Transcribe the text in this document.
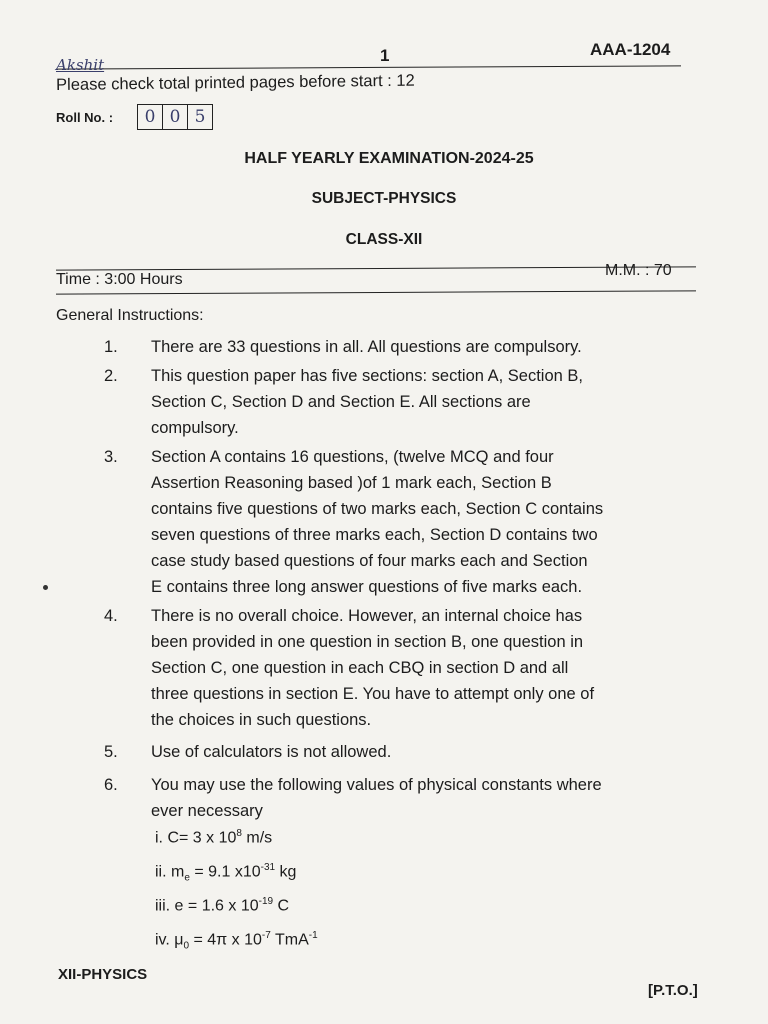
1	AAA-1204
Akshit
Please check total printed pages before start : 12
Roll No. :	0 0 5
HALF YEARLY EXAMINATION-2024-25
SUBJECT-PHYSICS
CLASS-XII
Time : 3:00 Hours
M.M. : 70
General Instructions:
1.	There are 33 questions in all. All questions are compulsory.
2.	This question paper has five sections: section A, Section B,
Section C, Section D and Section E. All sections are
compulsory.
3.	Section A contains 16 questions, (twelve MCQ and four
Assertion Reasoning based )of 1 mark each, Section B
contains five questions of two marks each, Section C contains
seven questions of three marks each, Section D contains two
case study based questions of four marks each and Section
E contains three long answer questions of five marks each.
4.	There is no overall choice. However, an internal choice has
been provided in one question in section B, one question in
Section C, one question in each CBQ in section D and all
three questions in section E. You have to attempt only one of
the choices in such questions.
5.	Use of calculators is not allowed.
6.	You may use the following values of physical constants where
ever necessary
i. C= 3 x $10^8$ m/s
ii. $m_e = 9.1$ $x10^{-31}$ kg
iii. e = 1.6 x $10^{-19}$ C
iv. $\mu_0 = 4\pi$ x $10^{-7}$ TmA$^{-1}$
XII-PHYSICS
[P.T.O.]
